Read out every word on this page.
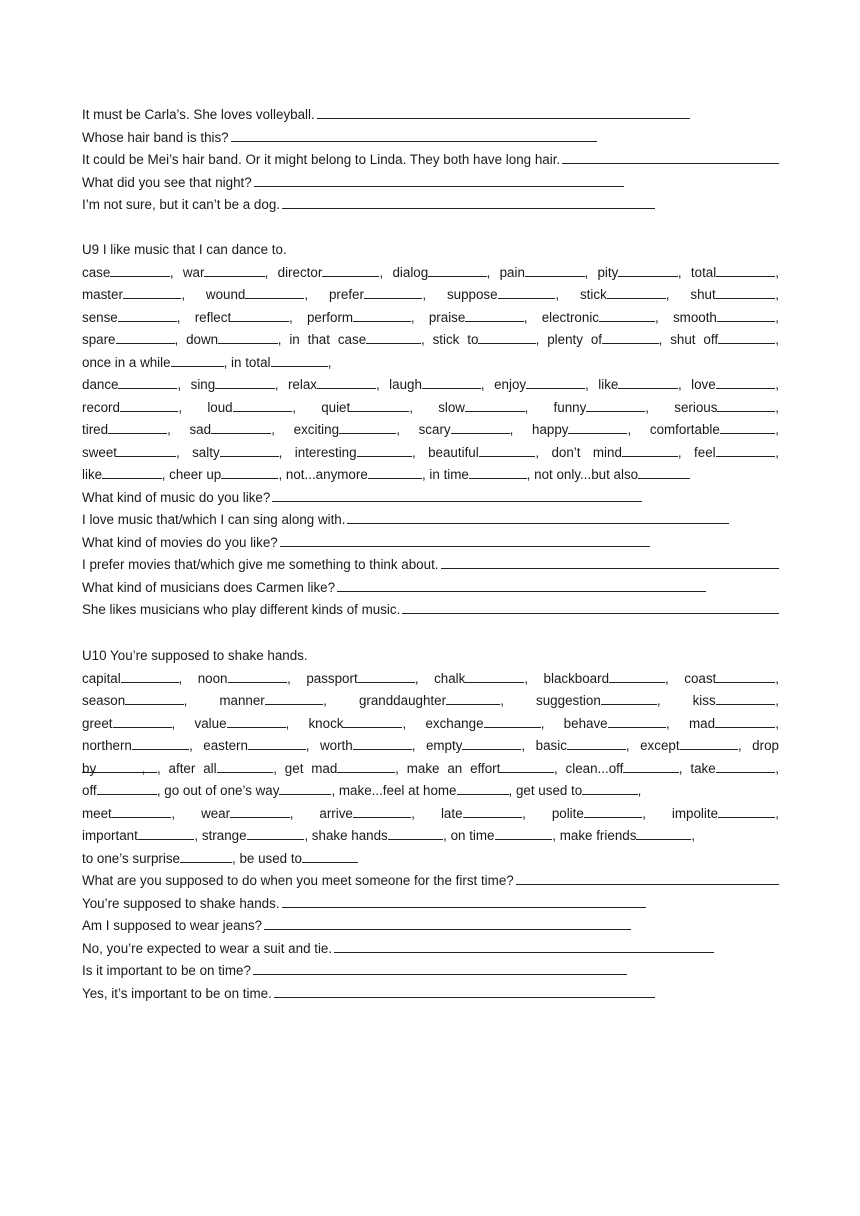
It must be Carla’s. She loves volleyball.
Whose hair band is this?
It could be Mei’s hair band. Or it might belong to Linda. They both have long hair.
What did you see that night?
I’m not sure, but it can’t be a dog.
U9 I like music that I can dance to.
case	, war	, director	, dialog	, pain	, pity	, total	,
master	, wound	, prefer	, suppose	, stick	, shut	,
sense	, reflect	, perform	, praise	, electronic	, smooth	,
spare	, down	, in that case	, stick to	, plenty of	, shut off	,
once in a while	, in total	,
dance	, sing	, relax	, laugh	, enjoy	, like	, love	,
record	, loud	, quiet	, slow	, funny	, serious	,
tired	, sad	, exciting	, scary	, happy	, comfortable	,
sweet	, salty	, interesting	, beautiful	, don’t mind	, feel	,
like	, cheer up	, not...anymore	, in time	, not only...but also
What kind of music do you like?
I love music that/which I can sing along with.
What kind of movies do you like?
I prefer movies that/which give me something to think about.
What kind of musicians does Carmen like?
She likes musicians who play different kinds of music.
U10 You’re supposed to shake hands.
capital	, noon	, passport	, chalk	, blackboard	, coast	,
season	, manner	, granddaughter	, suggestion	, kiss	,
greet	, value	, knock	, exchange	, behave	, mad	,
northern	, eastern	, worth	, empty	, basic	, except	, drop,
by	, after all	, get mad	, make an effort	, clean...off	, take	,
off	, go out of one’s way	, make...feel at home	, get used to	,
meet	, wear	, arrive	, late	, polite	, impolite	,
important	, strange	, shake hands	, on time	, make friends	,
to one’s surprise	, be used to
What are you supposed to do when you meet someone for the first time?
You’re supposed to shake hands.
Am I supposed to wear jeans?
No, you’re expected to wear a suit and tie.
Is it important to be on time?
Yes, it’s important to be on time.
